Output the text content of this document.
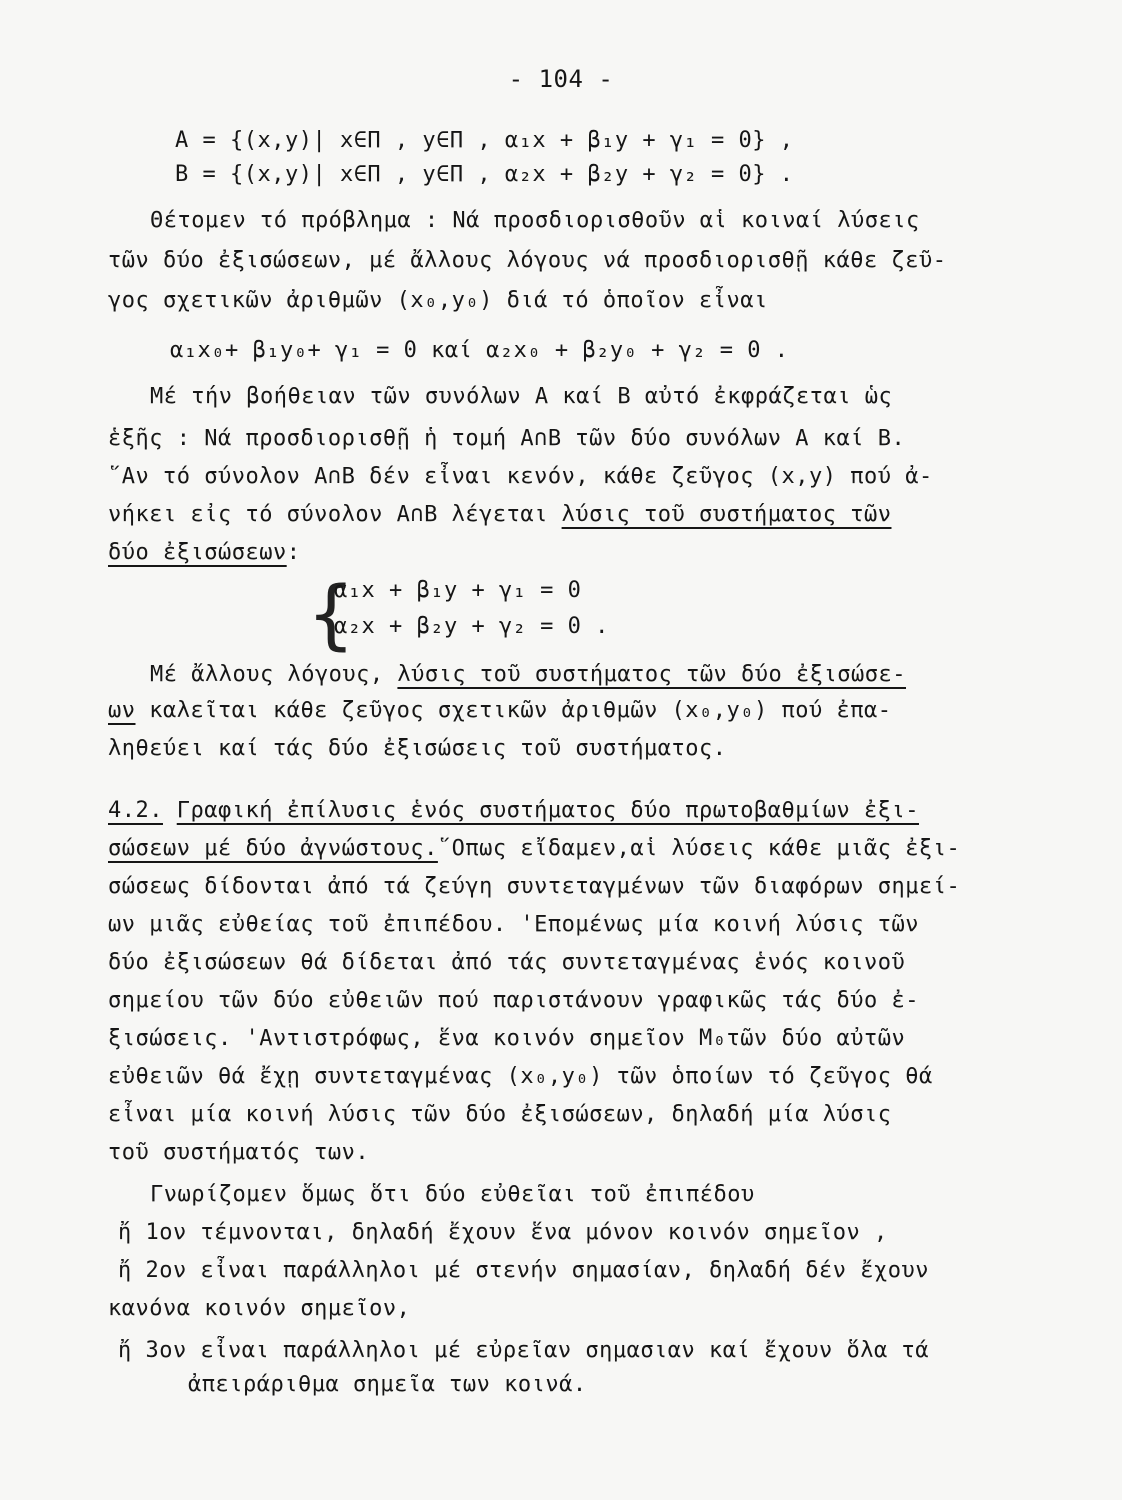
- 104 -
A = {(x,y)| x∈Π , y∈Π , α₁x + β₁y + γ₁ = 0} ,
B = {(x,y)| x∈Π , y∈Π , α₂x + β₂y + γ₂ = 0} .
Θέτομεν τό πρόβλημα : Νά προσδιορισθοῦν αἱ κοιναί λύσεις
τῶν δύο ἐξισώσεων, μέ ἄλλους λόγους νά προσδιορισθῇ κάθε ζεῦ-
γος σχετικῶν ἀριθμῶν (x₀,y₀) διά τό ὁποῖον εἶναι
α₁x₀+ β₁y₀+ γ₁ = 0 καί α₂x₀ + β₂y₀ + γ₂ = 0 .
Μέ τήν βοήθειαν τῶν συνόλων Α καί Β αὐτό ἐκφράζεται ὡς
ἑξῆς : Νά προσδιορισθῇ ἡ τομή Α∩Β τῶν δύο συνόλων Α καί Β.
῞Αν τό σύνολον Α∩Β δέν εἶναι κενόν, κάθε ζεῦγος (x,y) πού ἀ-
νήκει εἰς τό σύνολον Α∩Β λέγεται λύσις τοῦ συστήματος τῶν
δύο ἐξισώσεων:
{
α₁x + β₁y + γ₁ = 0
α₂x + β₂y + γ₂ = 0 .
Μέ ἄλλους λόγους, λύσις τοῦ συστήματος τῶν δύο ἐξισώσε-
ων καλεῖται κάθε ζεῦγος σχετικῶν ἀριθμῶν (x₀,y₀) πού ἐπα-
ληθεύει καί τάς δύο ἐξισώσεις τοῦ συστήματος.
4.2. Γραφική ἐπίλυσις ἑνός συστήματος δύο πρωτοβαθμίων ἐξι-
σώσεων μέ δύο ἀγνώστους.῞Οπως εἴδαμεν,αἱ λύσεις κάθε μιᾶς ἐξι-
σώσεως δίδονται ἀπό τά ζεύγη συντεταγμένων τῶν διαφόρων σημεί-
ων μιᾶς εὐθείας τοῦ ἐπιπέδου. 'Επομένως μία κοινή λύσις τῶν
δύο ἐξισώσεων θά δίδεται ἀπό τάς συντεταγμένας ἑνός κοινοῦ
σημείου τῶν δύο εὐθειῶν πού παριστάνουν γραφικῶς τάς δύο ἐ-
ξισώσεις. 'Αντιστρόφως, ἕνα κοινόν σημεῖον M₀τῶν δύο αὐτῶν
εὐθειῶν θά ἔχῃ συντεταγμένας (x₀,y₀) τῶν ὁποίων τό ζεῦγος θά
εἶναι μία κοινή λύσις τῶν δύο ἐξισώσεων, δηλαδή μία λύσις
τοῦ συστήματός των.
Γνωρίζομεν ὅμως ὅτι δύο εὐθεῖαι τοῦ ἐπιπέδου
ἤ 1ον τέμνονται, δηλαδή ἔχουν ἕνα μόνον κοινόν σημεῖον ,
ἤ 2ον εἶναι παράλληλοι μέ στενήν σημασίαν, δηλαδή δέν ἔχουν
κανόνα κοινόν σημεῖον,
ἤ 3ον εἶναι παράλληλοι μέ εὐρεῖαν σημασιαν καί ἔχουν ὅλα τά
ἀπειράριθμα σημεῖα των κοινά.
